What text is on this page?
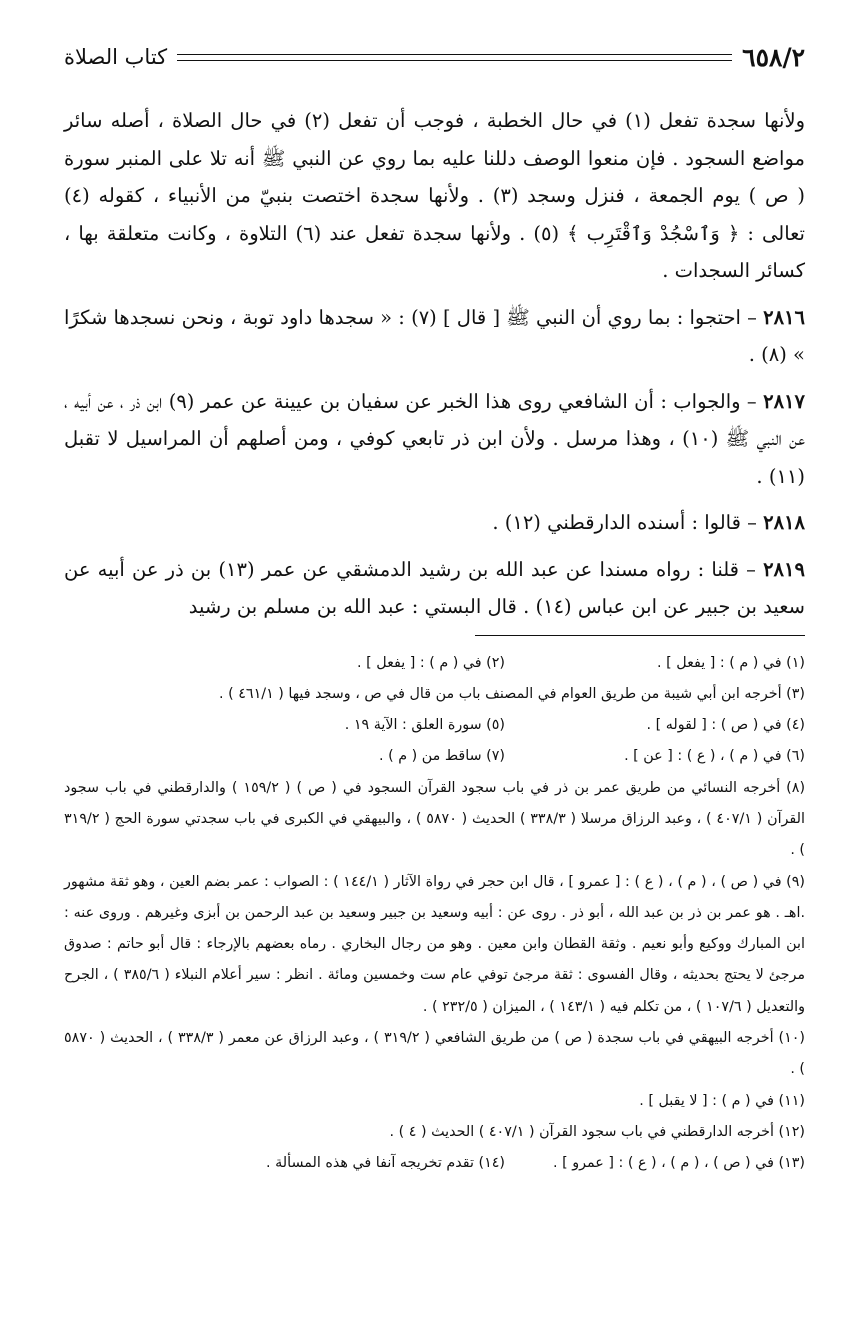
٦٥٨/٢
كتاب الصلاة

ولأنها سجدة تفعل (١) في حال الخطبة ، فوجب أن تفعل (٢) في حال الصلاة ، أصله سائر مواضع السجود . فإن منعوا الوصف دللنا عليه بما روي عن النبي ﷺ أنه تلا على المنبر سورة ( ص ) يوم الجمعة ، فنزل وسجد (٣) . ولأنها سجدة اختصت بنبيّ من الأنبياء ، كقوله (٤) تعالى : ﴿ وَٱسْجُدْ وَٱقْتَرِب ﴾ (٥) . ولأنها سجدة تفعل عند (٦) التلاوة ، وكانت متعلقة بها ، كسائر السجدات .

٢٨١٦ – احتجوا : بما روي أن النبي ﷺ [ قال ] (٧) : « سجدها داود توبة ، ونحن نسجدها شكرًا » (٨) .

٢٨١٧ – والجواب : أن الشافعي روى هذا الخبر عن سفيان بن عيينة عن عمر (٩) ابن ذر ، عن أبيه ، عن النبي ﷺ (١٠) ، وهذا مرسل . ولأن ابن ذر تابعي كوفي ، ومن أصلهم أن المراسيل لا تقبل (١١) .

٢٨١٨ – قالوا : أسنده الدارقطني (١٢) .

٢٨١٩ – قلنا : رواه مسندا عن عبد الله بن رشيد الدمشقي عن عمر (١٣) بن ذر عن أبيه عن سعيد بن جبير عن ابن عباس (١٤) . قال البستي : عبد الله بن مسلم بن رشيد

(١) في ( م ) : [ يفعل ] .
(٢) في ( م ) : [ يفعل ] .

(٣) أخرجه ابن أبي شيبة من طريق العوام في المصنف باب من قال في ص ، وسجد فيها ( ٤٦١/١ ) .

(٤) في ( ص ) : [ لقوله ] .
(٥) سورة العلق : الآية ١٩ .
(٦) في ( م ) ، ( ع ) : [ عن ] .
(٧) ساقط من ( م ) .

(٨) أخرجه النسائي من طريق عمر بن ذر في باب سجود القرآن السجود في ( ص ) ( ١٥٩/٢ ) والدارقطني في باب سجود القرآن ( ٤٠٧/١ ) ، وعبد الرزاق مرسلا ( ٣٣٨/٣ ) الحديث ( ٥٨٧٠ ) ، والبيهقي في الكبرى في باب سجدتي سورة الحج ( ٣١٩/٢ ) .

(٩) في ( ص ) ، ( م ) ، ( ع ) : [ عمرو ] ، قال ابن حجر في رواة الآثار ( ١٤٤/١ ) : الصواب : عمر بضم العين ، وهو ثقة مشهور .اهـ . هو عمر بن ذر بن عبد الله ، أبو ذر . روى عن : أبيه وسعيد بن جبير وسعيد بن عبد الرحمن بن أبزى وغيرهم . وروى عنه : ابن المبارك ووكيع وأبو نعيم . وثقة القطان وابن معين . وهو من رجال البخاري . رماه بعضهم بالإرجاء : قال أبو حاتم : صدوق مرجئ لا يحتج بحديثه ، وقال الفسوى : ثقة مرجئ توفي عام ست وخمسين ومائة . انظر : سير أعلام النبلاء ( ٣٨٥/٦ ) ، الجرح والتعديل ( ١٠٧/٦ ) ، من تكلم فيه ( ١٤٣/١ ) ، الميزان ( ٢٣٢/٥ ) .

(١٠) أخرجه البيهقي في باب سجدة ( ص ) من طريق الشافعي ( ٣١٩/٢ ) ، وعبد الرزاق عن معمر ( ٣٣٨/٣ ) ، الحديث ( ٥٨٧٠ ) .

(١١) في ( م ) : [ لا يقبل ] .

(١٢) أخرجه الدارقطني في باب سجود القرآن ( ٤٠٧/١ ) الحديث ( ٤ ) .

(١٣) في ( ص ) ، ( م ) ، ( ع ) : [ عمرو ] .
(١٤) تقدم تخريجه آنفا في هذه المسألة .
